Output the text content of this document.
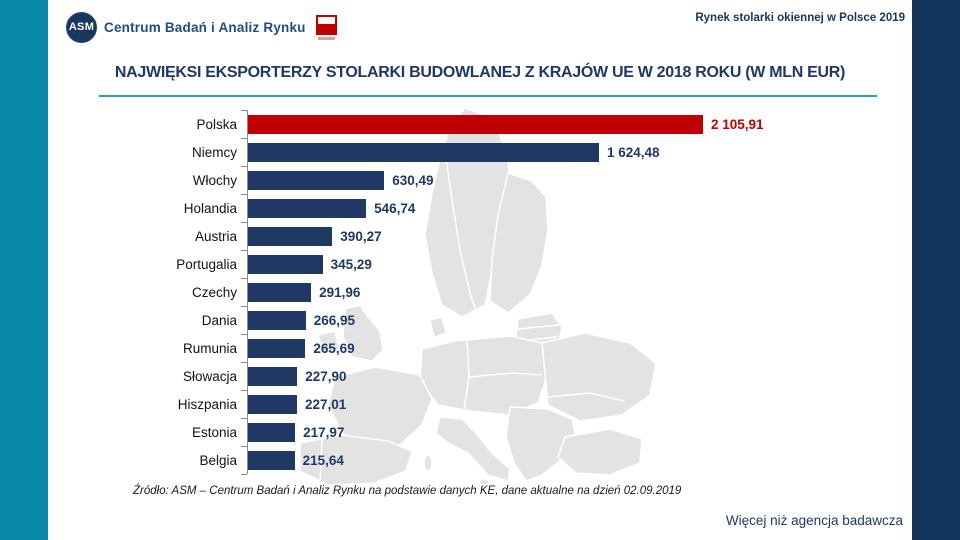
ASM Centrum Badań i Analiz Rynku
Rynek stolarki okiennej w Polsce 2019
NAJWIĘKSI EKSPORTERZY STOLARKI BUDOWLANEJ Z KRAJÓW UE W 2018 ROKU (W MLN EUR)
Polska	2 105,91
Niemcy	1 624,48
Włochy	630,49
Holandia	546,74
Austria	390,27
Portugalia	345,29
Czechy	291,96
Dania	266,95
Rumunia	265,69
Słowacja	227,90
Hiszpania	227,01
Estonia	217,97
Belgia	215,64
Źródło: ASM – Centrum Badań i Analiz Rynku na podstawie danych KE, dane aktualne na dzień 02.09.2019
Więcej niż agencja badawcza
